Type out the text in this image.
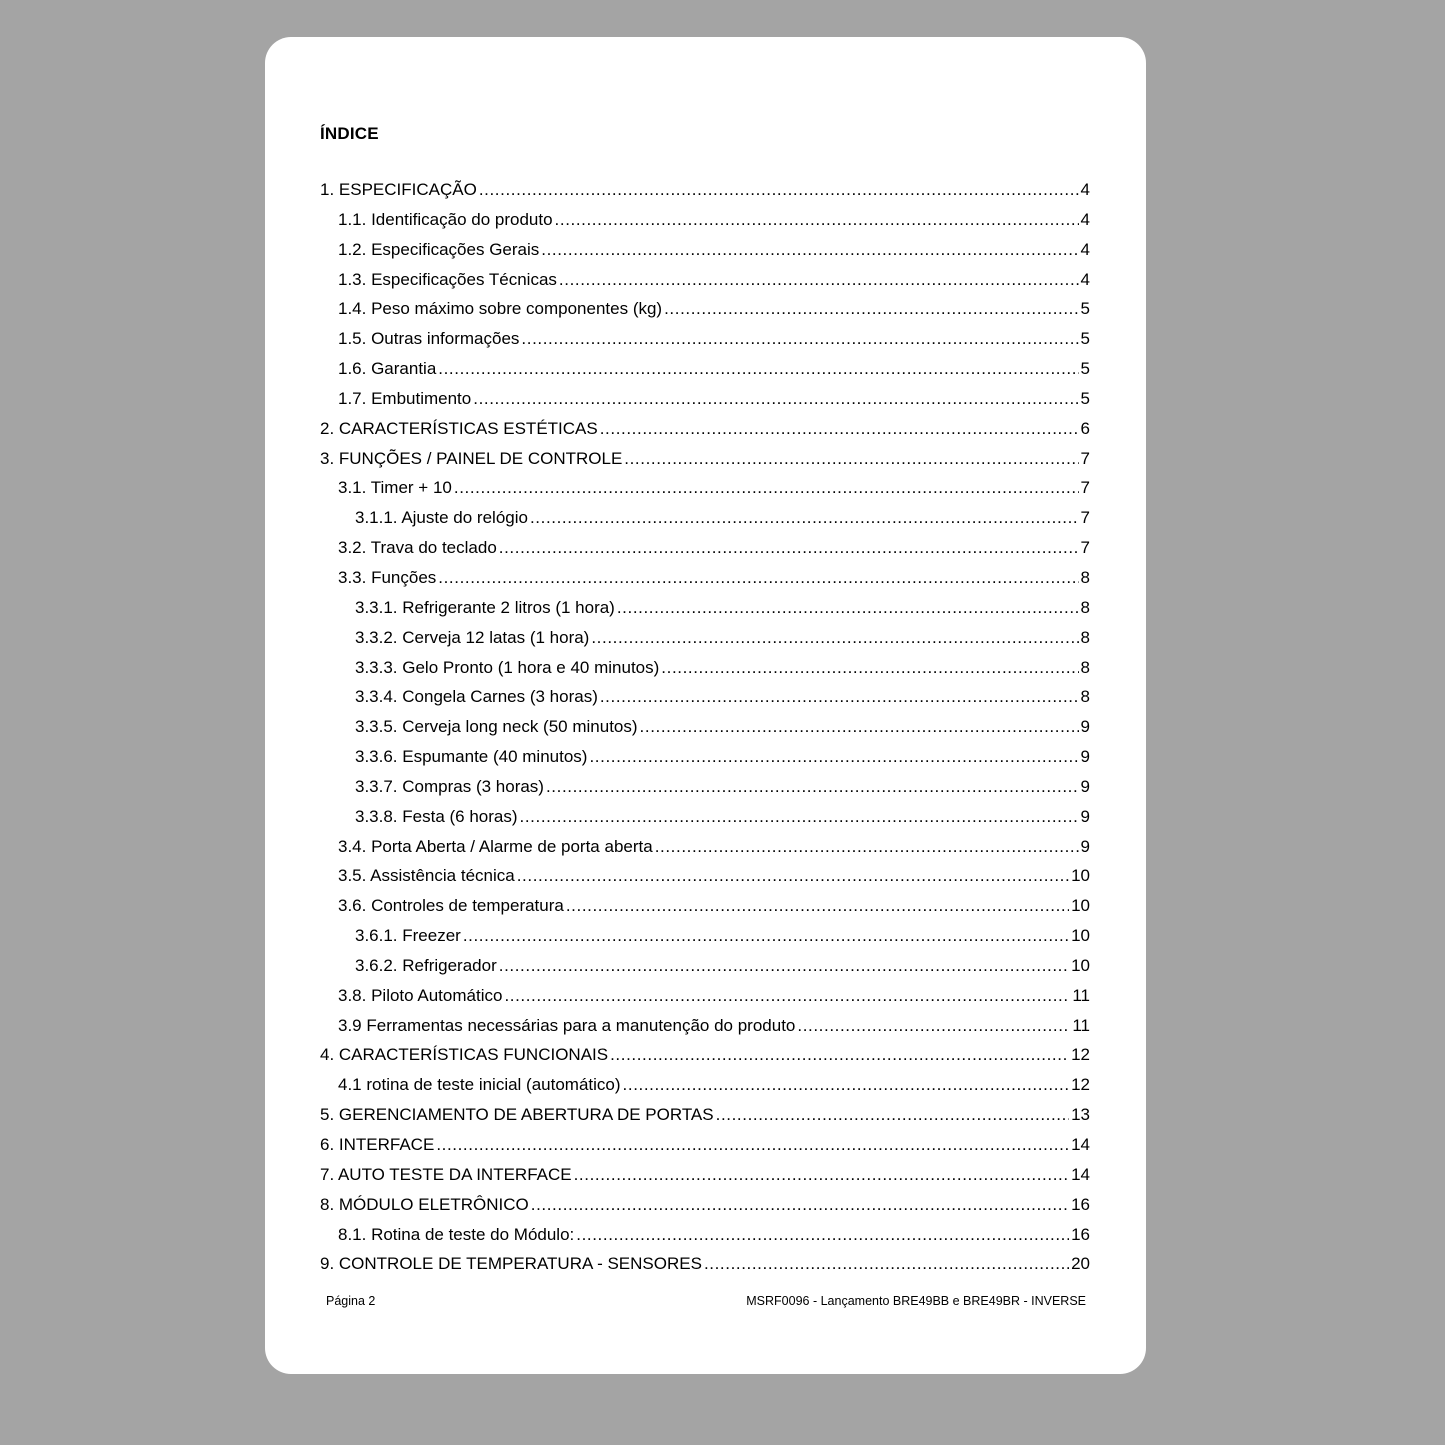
ÍNDICE
1. ESPECIFICAÇÃO .....	4
1.1. Identificação do produto .....	4
1.2. Especificações Gerais .....	4
1.3. Especificações Técnicas .....	4
1.4. Peso máximo sobre componentes (kg) .....	5
1.5. Outras informações .....	5
1.6. Garantia .....	5
1.7. Embutimento .....	5
2. CARACTERÍSTICAS ESTÉTICAS .....	6
3. FUNÇÕES / PAINEL DE CONTROLE .....	7
3.1. Timer + 10 .....	7
3.1.1. Ajuste do relógio .....	7
3.2. Trava do teclado .....	7
3.3. Funções .....	8
3.3.1. Refrigerante 2 litros (1 hora) .....	8
3.3.2. Cerveja 12 latas (1 hora) .....	8
3.3.3. Gelo Pronto (1 hora e 40 minutos) .....	8
3.3.4. Congela Carnes (3 horas) .....	8
3.3.5. Cerveja long neck (50 minutos) .....	9
3.3.6. Espumante (40 minutos) .....	9
3.3.7. Compras (3 horas) .....	9
3.3.8. Festa (6 horas) .....	9
3.4. Porta Aberta / Alarme de porta aberta .....	9
3.5. Assistência técnica .....	10
3.6. Controles de temperatura .....	10
3.6.1. Freezer .....	10
3.6.2. Refrigerador .....	10
3.8. Piloto Automático .....	11
3.9 Ferramentas necessárias para a manutenção do produto .....	11
4. CARACTERÍSTICAS FUNCIONAIS .....	12
4.1 rotina de teste inicial (automático) .....	12
5. GERENCIAMENTO DE ABERTURA DE PORTAS .....	13
6. INTERFACE .....	14
7. AUTO TESTE DA INTERFACE .....	14
8. MÓDULO ELETRÔNICO .....	16
8.1. Rotina de teste do Módulo: .....	16
9. CONTROLE DE TEMPERATURA - SENSORES .....	20
Página 2	MSRF0096 - Lançamento BRE49BB e BRE49BR - INVERSE
